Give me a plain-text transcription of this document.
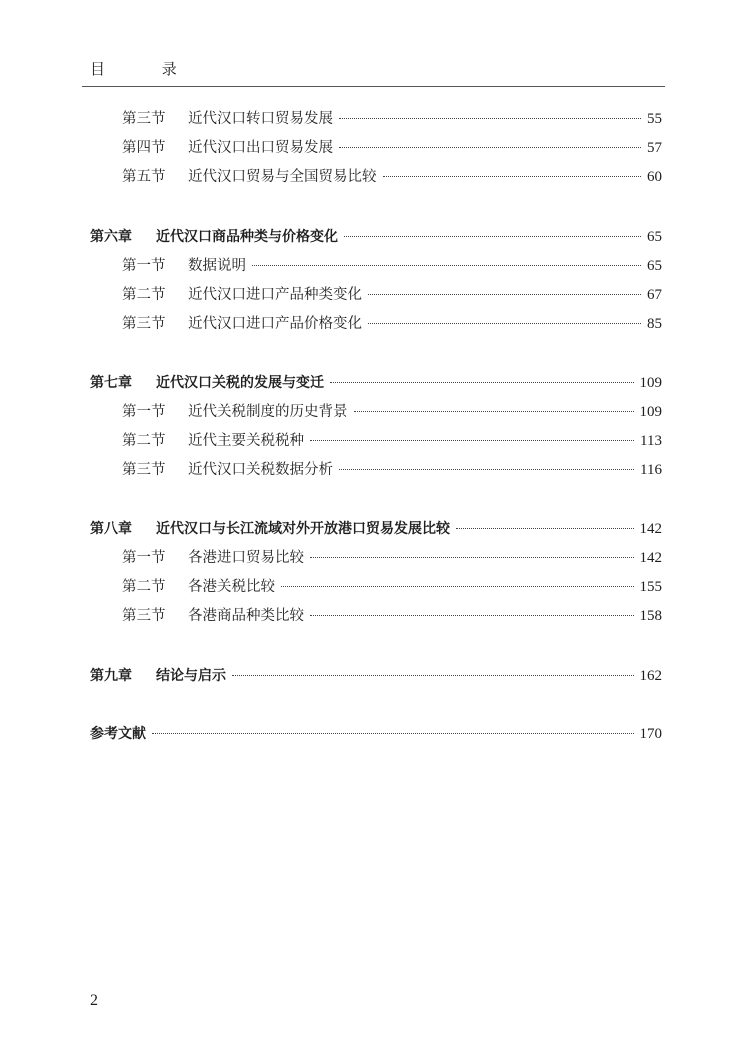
目 录
第三节	近代汉口转口贸易发展	55
第四节	近代汉口出口贸易发展	57
第五节	近代汉口贸易与全国贸易比较	60
第六章	近代汉口商品种类与价格变化	65
第一节	数据说明	65
第二节	近代汉口进口产品种类变化	67
第三节	近代汉口进口产品价格变化	85
第七章	近代汉口关税的发展与变迁	109
第一节	近代关税制度的历史背景	109
第二节	近代主要关税税种	113
第三节	近代汉口关税数据分析	116
第八章	近代汉口与长江流域对外开放港口贸易发展比较	142
第一节	各港进口贸易比较	142
第二节	各港关税比较	155
第三节	各港商品种类比较	158
第九章	结论与启示	162
参考文献	170
2
